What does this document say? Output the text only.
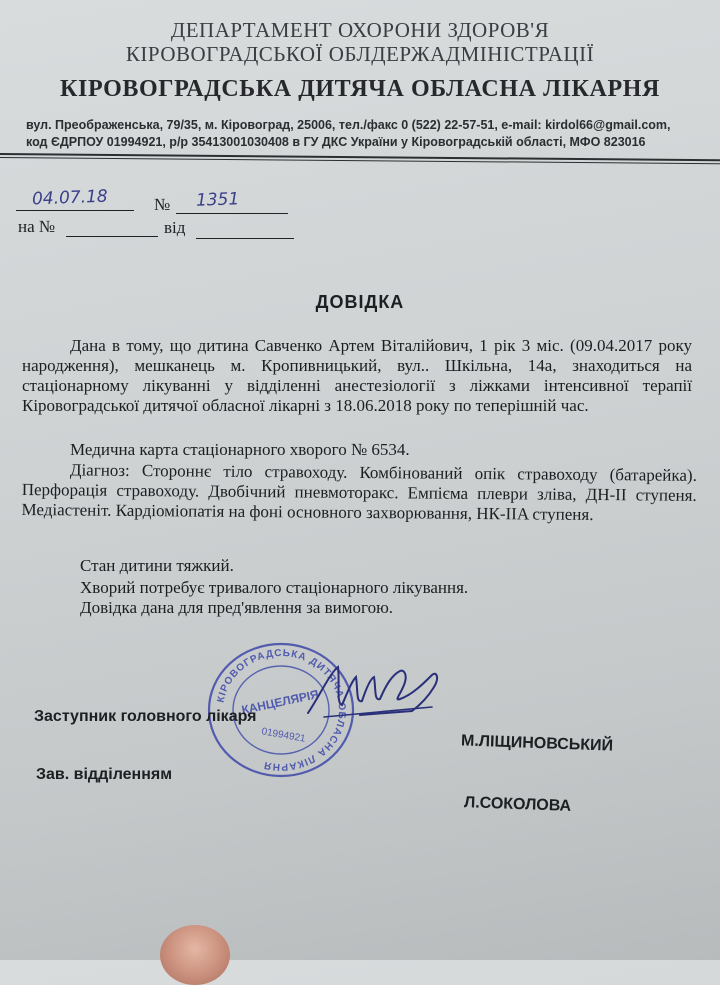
ДЕПАРТАМЕНТ ОХОРОНИ ЗДОРОВ'Я
КІРОВОГРАДСЬКОЇ ОБЛДЕРЖАДМІНІСТРАЦІЇ
КІРОВОГРАДСЬКА ДИТЯЧА ОБЛАСНА ЛІКАРНЯ
вул. Преображенська, 79/35, м. Кіровоград, 25006, тел./факс 0 (522) 22-57-51, e-mail: kirdol66@gmail.com,
код ЄДРПОУ 01994921, р/р 35413001030408 в ГУ ДКС України у Кіровоградській області, МФО 823016
04.07.18	№ 1351
на №	від
ДОВІДКА
Дана в тому, що дитина Савченко Артем Віталійович, 1 рік 3 міс. (09.04.2017 року народження), мешканець м. Кропивницький, вул.. Шкільна, 14а, знаходиться на стаціонарному лікуванні у відділенні анестезіології з ліжками інтенсивної терапії Кіровоградської дитячої обласної лікарні з 18.06.2018 року по теперішній час.
Медична карта стаціонарного хворого № 6534.
Діагноз: Стороннє тіло стравоходу. Комбінований опік стравоходу (батарейка). Перфорація стравоходу. Двобічний пневмоторакс. Емпієма плеври зліва, ДН-II ступеня. Медіастеніт. Кардіоміопатія на фоні основного захворювання, НК-IIA ступеня.
Стан дитини тяжкий.
Хворий потребує тривалого стаціонарного лікування.
Довідка дана для пред'явлення за вимогою.
КІРОВОГРАДСЬКА ДИТЯЧА ОБЛАСНА ЛІКАРНЯ
КАНЦЕЛЯРІЯ
01994921
Заступник головного лікаря
М.ЛІЩИНОВСЬКИЙ
Зав. відділенням
Л.СОКОЛОВА
